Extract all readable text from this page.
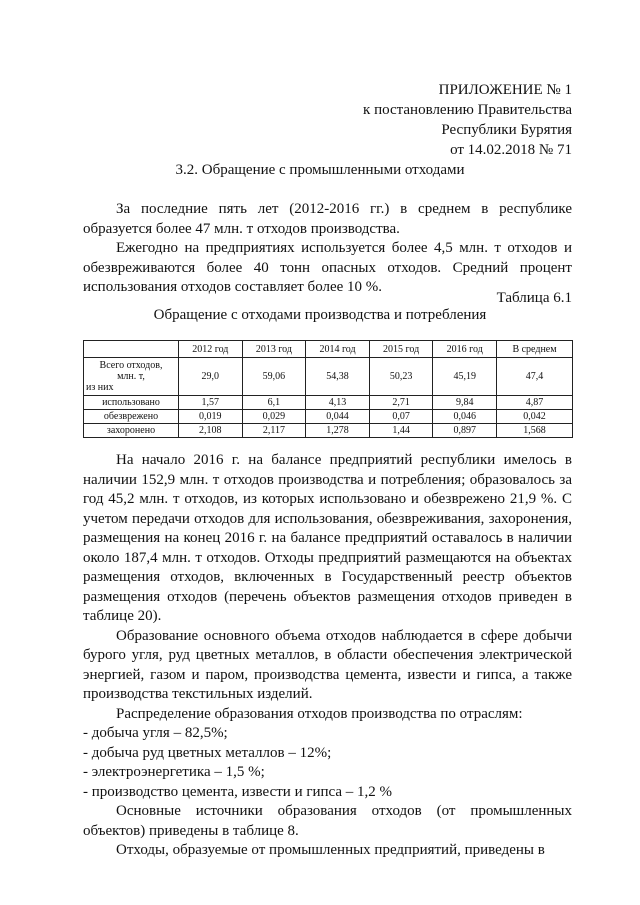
ПРИЛОЖЕНИЕ № 1
к постановлению Правительства
Республики Бурятия
от 14.02.2018 № 71
3.2. Обращение с промышленными отходами

За последние пять лет (2012-2016 гг.) в среднем в республике образуется более 47 млн. т отходов производства.

Ежегодно на предприятиях используется более 4,5 млн. т отходов и обезвреживаются более 40 тонн опасных отходов. Средний процент использования отходов составляет более 10 %.

Таблица 6.1
Обращение с отходами производства и потребления
	2012 год	2013 год	2014 год	2015 год	2016 год	В среднем

Всего отходов,
млн. т,
из них	29,0	59,06	54,38	50,23	45,19	47,4
использовано	1,57	6,1	4,13	2,71	9,84	4,87
обезврежено	0,019	0,029	0,044	0,07	0,046	0,042
захоронено	2,108	2,117	1,278	1,44	0,897	1,568

На начало 2016 г. на балансе предприятий республики имелось в наличии 152,9 млн. т отходов производства и потребления; образовалось за год 45,2 млн. т отходов, из которых использовано и обезврежено 21,9 %. С учетом передачи отходов для использования, обезвреживания, захоронения, размещения на конец 2016 г. на балансе предприятий оставалось в наличии около 187,4 млн. т отходов. Отходы предприятий размещаются на объектах размещения отходов, включенных в Государственный реестр объектов размещения отходов (перечень объектов размещения отходов приведен в таблице 20).

Образование основного объема отходов наблюдается в сфере добычи бурого угля, руд цветных металлов, в области обеспечения электрической энергией, газом и паром, производства цемента, извести и гипса, а также производства текстильных изделий.

Распределение образования отходов производства по отраслям:

- добыча угля – 82,5%;

- добыча руд цветных металлов – 12%;

- электроэнергетика – 1,5 %;

- производство цемента, извести и гипса – 1,2 %

Основные источники образования отходов (от промышленных объектов) приведены в таблице 8.

Отходы, образуемые от промышленных предприятий, приведены в
